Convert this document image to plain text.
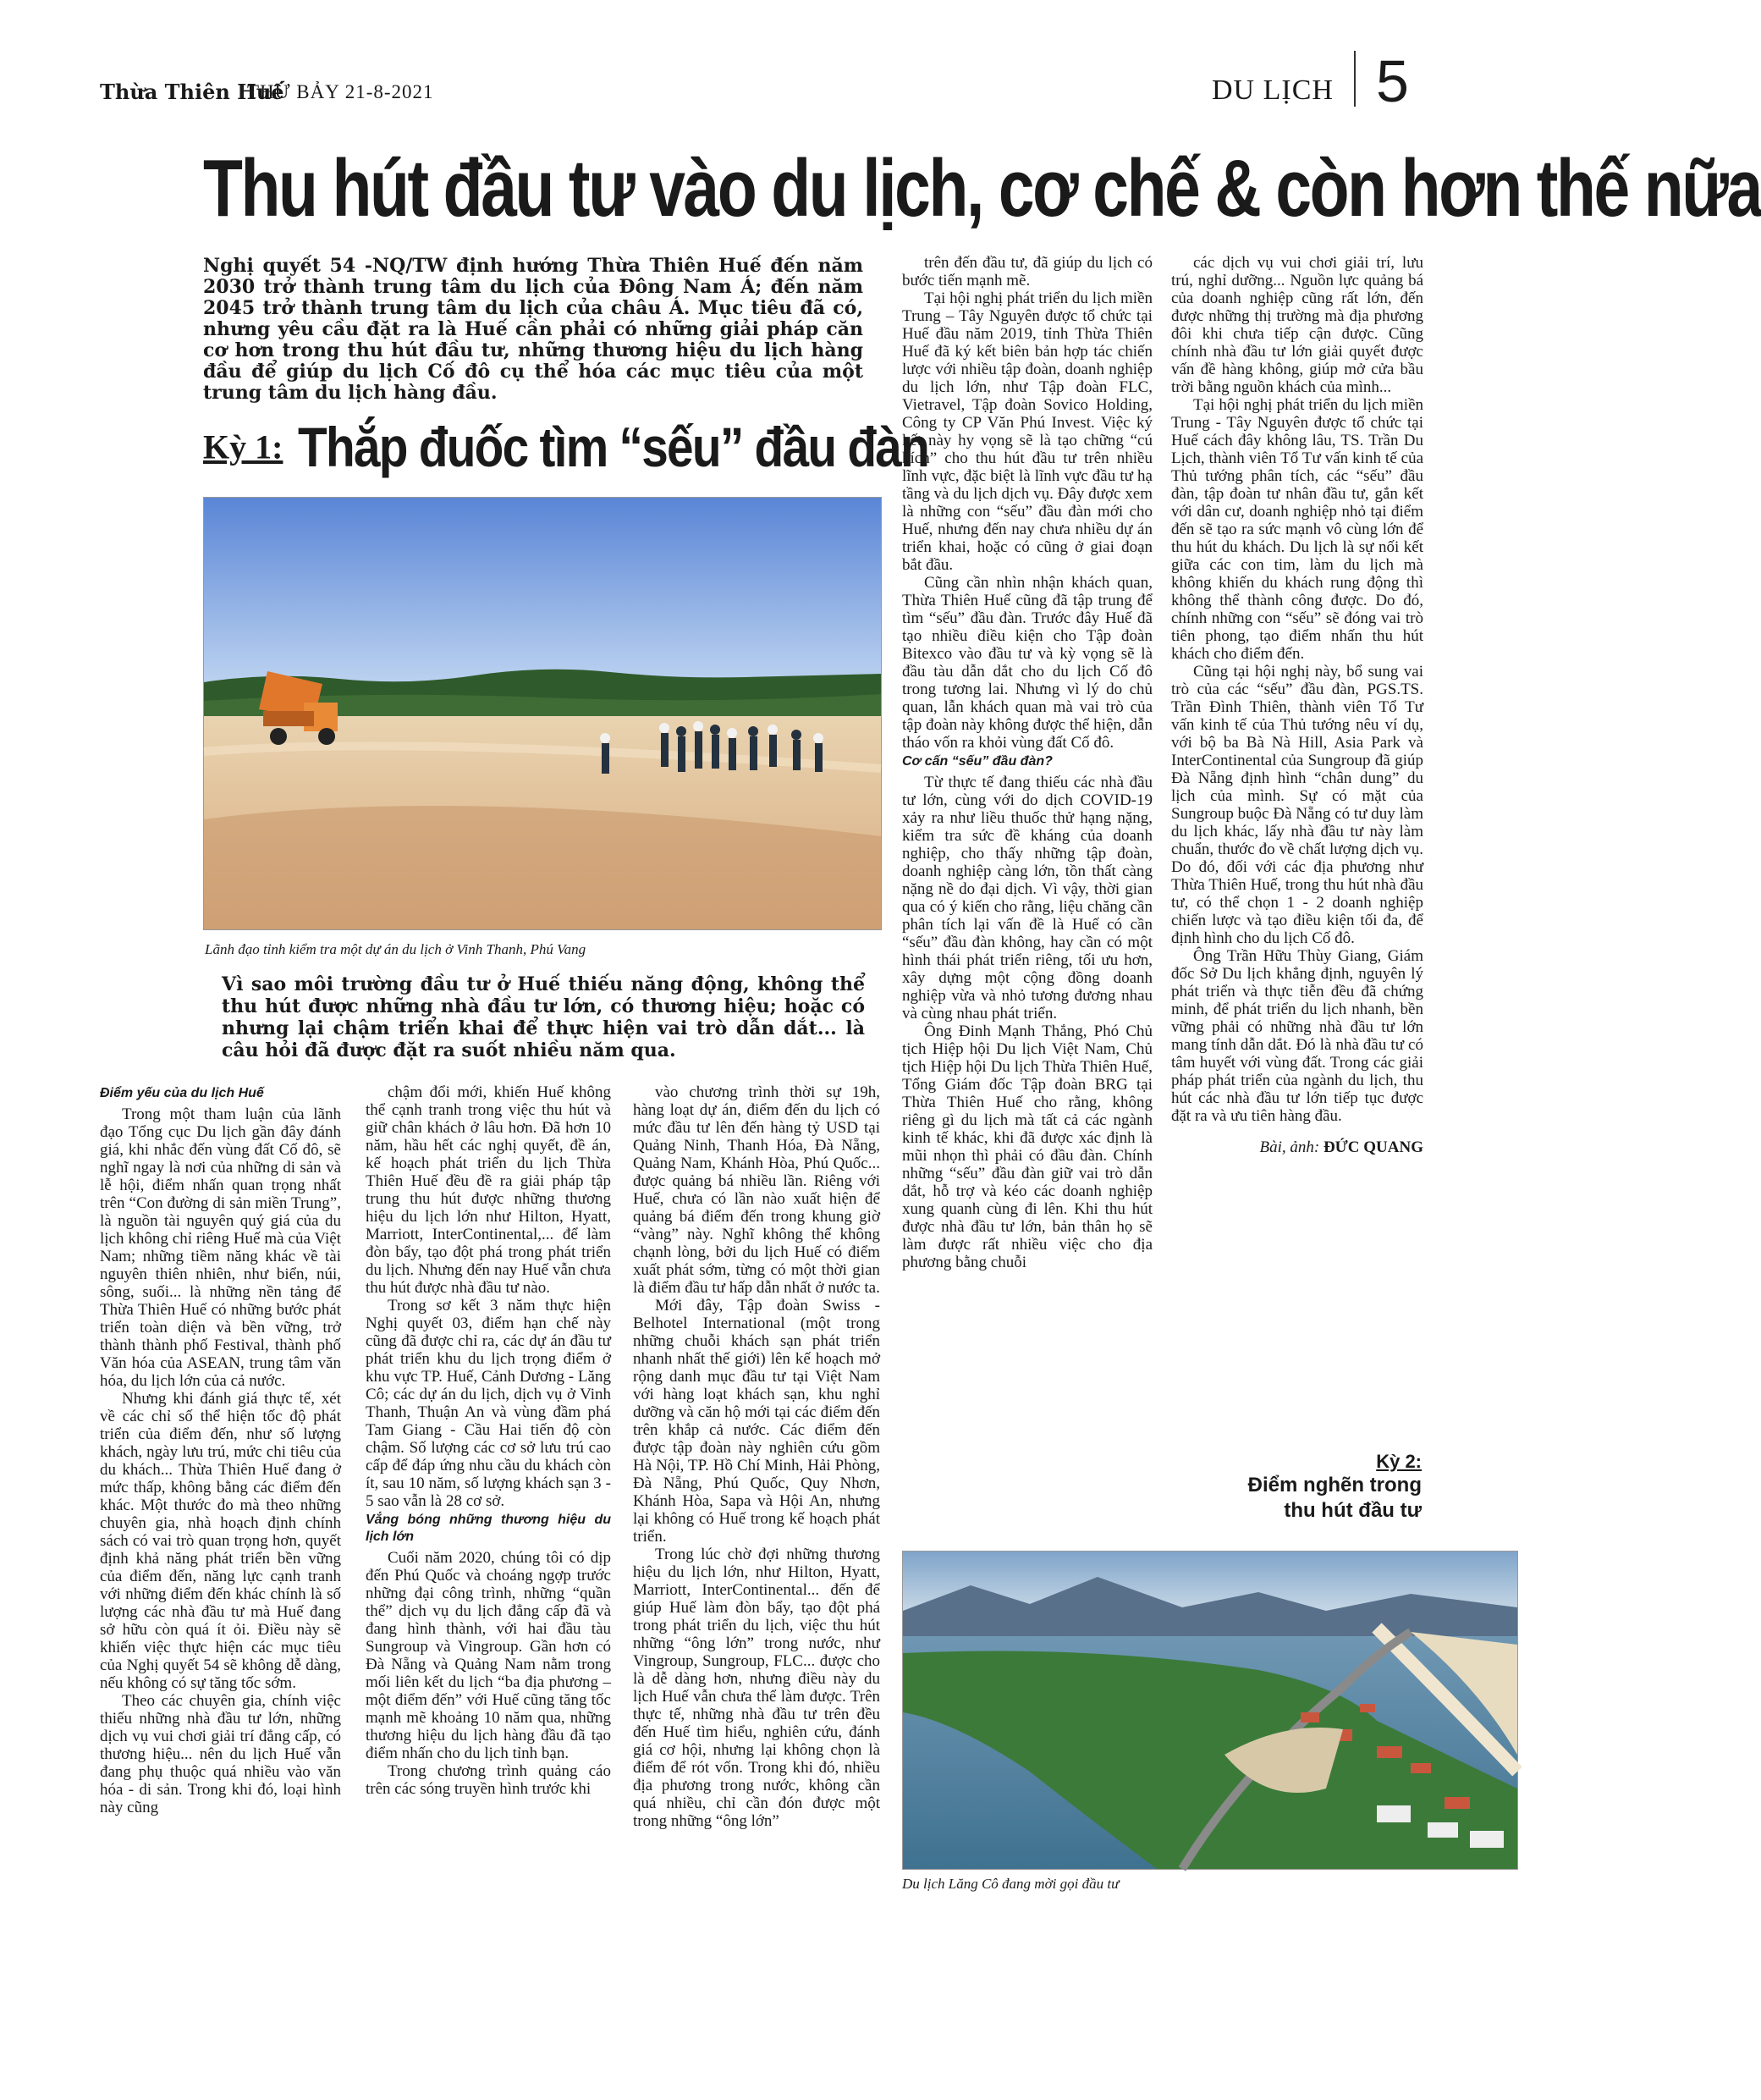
Thừa Thiên Huế
THỨ BẢY 21-8-2021	DU LỊCH 5
Thu hút đầu tư vào du lịch, cơ chế & còn hơn thế nữa
Nghị quyết 54 -NQ/TW định hướng Thừa Thiên Huế đến năm 2030 trở thành trung tâm du lịch của Đông Nam Á; đến năm 2045 trở thành trung tâm du lịch của châu Á. Mục tiêu đã có, nhưng yêu cầu đặt ra là Huế cần phải có những giải pháp căn cơ hơn trong thu hút đầu tư, những thương hiệu du lịch hàng đầu để giúp du lịch Cố đô cụ thể hóa các mục tiêu của một trung tâm du lịch hàng đầu.
Kỳ 1: Thắp đuốc tìm “sếu” đầu đàn
Lãnh đạo tỉnh kiểm tra một dự án du lịch ở Vinh Thanh, Phú Vang
Vì sao môi trường đầu tư ở Huế thiếu năng động, không thể thu hút được những nhà đầu tư lớn, có thương hiệu; hoặc có nhưng lại chậm triển khai để thực hiện vai trò dẫn dắt... là câu hỏi đã được đặt ra suốt nhiều năm qua.
Điểm yếu của du lịch Huế

Trong một tham luận của lãnh đạo Tổng cục Du lịch gần đây đánh giá, khi nhắc đến vùng đất Cố đô, sẽ nghĩ ngay là nơi của những di sản và lễ hội, điểm nhấn quan trọng nhất trên “Con đường di sản miền Trung”, là nguồn tài nguyên quý giá của du lịch không chỉ riêng Huế mà của Việt Nam; những tiềm năng khác về tài nguyên thiên nhiên, như biển, núi, sông, suối... là những nền tảng để Thừa Thiên Huế có những bước phát triển toàn diện và bền vững, trở thành thành phố Festival, thành phố Văn hóa của ASEAN, trung tâm văn hóa, du lịch lớn của cả nước.

Nhưng khi đánh giá thực tế, xét về các chỉ số thể hiện tốc độ phát triển của điểm đến, như số lượng khách, ngày lưu trú, mức chi tiêu của du khách... Thừa Thiên Huế đang ở mức thấp, không bằng các điểm đến khác. Một thước đo mà theo những chuyên gia, nhà hoạch định chính sách có vai trò quan trọng hơn, quyết định khả năng phát triển bền vững của điểm đến, năng lực cạnh tranh với những điểm đến khác chính là số lượng các nhà đầu tư mà Huế đang sở hữu còn quá ít ỏi. Điều này sẽ khiến việc thực hiện các mục tiêu của Nghị quyết 54 sẽ không dễ dàng, nếu không có sự tăng tốc sớm.

Theo các chuyên gia, chính việc thiếu những nhà đầu tư lớn, những dịch vụ vui chơi giải trí đẳng cấp, có thương hiệu... nên du lịch Huế vẫn đang phụ thuộc quá nhiều vào văn hóa - di sản. Trong khi đó, loại hình này cũng

chậm đổi mới, khiến Huế không thể cạnh tranh trong việc thu hút và giữ chân khách ở lâu hơn. Đã hơn 10 năm, hầu hết các nghị quyết, đề án, kế hoạch phát triển du lịch Thừa Thiên Huế đều đề ra giải pháp tập trung thu hút được những thương hiệu du lịch lớn như Hilton, Hyatt, Marriott, InterContinental,... để làm đòn bẩy, tạo đột phá trong phát triển du lịch. Nhưng đến nay Huế vẫn chưa thu hút được nhà đầu tư nào.

Trong sơ kết 3 năm thực hiện Nghị quyết 03, điểm hạn chế này cũng đã được chỉ ra, các dự án đầu tư phát triển khu du lịch trọng điểm ở khu vực TP. Huế, Cảnh Dương - Lăng Cô; các dự án du lịch, dịch vụ ở Vinh Thanh, Thuận An và vùng đầm phá Tam Giang - Cầu Hai tiến độ còn chậm. Số lượng các cơ sở lưu trú cao cấp để đáp ứng nhu cầu du khách còn ít, sau 10 năm, số lượng khách sạn 3 - 5 sao vẫn là 28 cơ sở.

Vắng bóng những thương hiệu du lịch lớn

Cuối năm 2020, chúng tôi có dịp đến Phú Quốc và choáng ngợp trước những đại công trình, những “quần thể” dịch vụ du lịch đẳng cấp đã và đang hình thành, với hai đầu tàu Sungroup và Vingroup. Gần hơn có Đà Nẵng và Quảng Nam nằm trong mối liên kết du lịch “ba địa phương – một điểm đến” với Huế cũng tăng tốc mạnh mẽ khoảng 10 năm qua, những thương hiệu du lịch hàng đầu đã tạo điểm nhấn cho du lịch tỉnh bạn.

Trong chương trình quảng cáo trên các sóng truyền hình trước khi

vào chương trình thời sự 19h, hàng loạt dự án, điểm đến du lịch có mức đầu tư lên đến hàng tỷ USD tại Quảng Ninh, Thanh Hóa, Đà Nẵng, Quảng Nam, Khánh Hòa, Phú Quốc... được quảng bá nhiều lần. Riêng với Huế, chưa có lần nào xuất hiện để quảng bá điểm đến trong khung giờ “vàng” này. Nghĩ không thể không chạnh lòng, bởi du lịch Huế có điểm xuất phát sớm, từng có một thời gian là điểm đầu tư hấp dẫn nhất ở nước ta.

Mới đây, Tập đoàn Swiss -Belhotel International (một trong những chuỗi khách sạn phát triển nhanh nhất thế giới) lên kế hoạch mở rộng danh mục đầu tư tại Việt Nam với hàng loạt khách sạn, khu nghỉ dưỡng và căn hộ mới tại các điểm đến trên khắp cả nước. Các điểm đến được tập đoàn này nghiên cứu gồm Hà Nội, TP. Hồ Chí Minh, Hải Phòng, Đà Nẵng, Phú Quốc, Quy Nhơn, Khánh Hòa, Sapa và Hội An, nhưng lại không có Huế trong kế hoạch phát triển.

Trong lúc chờ đợi những thương hiệu du lịch lớn, như Hilton, Hyatt, Marriott, InterContinental... đến để giúp Huế làm đòn bẩy, tạo đột phá trong phát triển du lịch, việc thu hút những “ông lớn” trong nước, như Vingroup, Sungroup, FLC... được cho là dễ dàng hơn, nhưng điều này du lịch Huế vẫn chưa thể làm được. Trên thực tế, những nhà đầu tư trên đều đến Huế tìm hiểu, nghiên cứu, đánh giá cơ hội, nhưng lại không chọn là điểm để rót vốn. Trong khi đó, nhiều địa phương trong nước, không cần quá nhiều, chỉ cần đón được một trong những “ông lớn”

trên đến đầu tư, đã giúp du lịch có bước tiến mạnh mẽ.

Tại hội nghị phát triển du lịch miền Trung – Tây Nguyên được tổ chức tại Huế đầu năm 2019, tỉnh Thừa Thiên Huế đã ký kết biên bản hợp tác chiến lược với nhiều tập đoàn, doanh nghiệp du lịch lớn, như Tập đoàn FLC, Vietravel, Tập đoàn Sovico Holding, Công ty CP Văn Phú Invest. Việc ký kết này hy vọng sẽ là tạo chững “cú hích” cho thu hút đầu tư trên nhiều lĩnh vực, đặc biệt là lĩnh vực đầu tư hạ tầng và du lịch dịch vụ. Đây được xem là những con “sếu” đầu đàn mới cho Huế, nhưng đến nay chưa nhiều dự án triển khai, hoặc có cũng ở giai đoạn bắt đầu.

Cũng cần nhìn nhận khách quan, Thừa Thiên Huế cũng đã tập trung để tìm “sếu” đầu đàn. Trước đây Huế đã tạo nhiều điều kiện cho Tập đoàn Bitexco vào đầu tư và kỳ vọng sẽ là đầu tàu dẫn dắt cho du lịch Cố đô trong tương lai. Nhưng vì lý do chủ quan, lẫn khách quan mà vai trò của tập đoàn này không được thể hiện, dẫn tháo vốn ra khỏi vùng đất Cố đô.

Cơ cấn “sếu” đầu đàn?

Từ thực tế đang thiếu các nhà đầu tư lớn, cùng với do dịch COVID-19 xảy ra như liều thuốc thử hạng nặng, kiểm tra sức đề kháng của doanh nghiệp, cho thấy những tập đoàn, doanh nghiệp càng lớn, tồn thất càng nặng nề do đại dịch. Vì vậy, thời gian qua có ý kiến cho rằng, liệu chăng cần phân tích lại vấn đề là Huế có cần “sếu” đầu đàn không, hay cần có một hình thái phát triển riêng, tối ưu hơn, xây dựng một cộng đồng doanh nghiệp vừa và nhỏ tương đương nhau và cùng nhau phát triển.

Ông Đinh Mạnh Thắng, Phó Chủ tịch Hiệp hội Du lịch Việt Nam, Chủ tịch Hiệp hội Du lịch Thừa Thiên Huế, Tổng Giám đốc Tập đoàn BRG tại Thừa Thiên Huế cho rằng, không riêng gì du lịch mà tất cả các ngành kinh tế khác, khi đã được xác định là mũi nhọn thì phải có đầu đàn. Chính những “sếu” đầu đàn giữ vai trò dẫn dắt, hỗ trợ và kéo các doanh nghiệp xung quanh cùng đi lên. Khi thu hút được nhà đầu tư lớn, bản thân họ sẽ làm được rất nhiều việc cho địa phương bằng chuỗi

các dịch vụ vui chơi giải trí, lưu trú, nghỉ dưỡng... Nguồn lực quảng bá của doanh nghiệp cũng rất lớn, đến được những thị trường mà địa phương đôi khi chưa tiếp cận được. Cũng chính nhà đầu tư lớn giải quyết được vấn đề hàng không, giúp mở cửa bầu trời bằng nguồn khách của mình...

Tại hội nghị phát triển du lịch miền Trung - Tây Nguyên được tổ chức tại Huế cách đây không lâu, TS. Trần Du Lịch, thành viên Tổ Tư vấn kinh tế của Thủ tướng phân tích, các “sếu” đầu đàn, tập đoàn tư nhân đầu tư, gắn kết với dân cư, doanh nghiệp nhỏ tại điểm đến sẽ tạo ra sức mạnh vô cùng lớn để thu hút du khách. Du lịch là sự nối kết giữa các con tim, làm du lịch mà không khiến du khách rung động thì không thể thành công được. Do đó, chính những con “sếu” sẽ đóng vai trò tiên phong, tạo điểm nhấn thu hút khách cho điểm đến.

Cũng tại hội nghị này, bổ sung vai trò của các “sếu” đầu đàn, PGS.TS. Trần Đình Thiên, thành viên Tổ Tư vấn kinh tế của Thủ tướng nêu ví dụ, với bộ ba Bà Nà Hill, Asia Park và InterContinental của Sungroup đã giúp Đà Nẵng định hình “chân dung” du lịch của mình. Sự có mặt của Sungroup buộc Đà Nẵng có tư duy làm du lịch khác, lấy nhà đầu tư này làm chuẩn, thước đo về chất lượng dịch vụ. Do đó, đối với các địa phương như Thừa Thiên Huế, trong thu hút nhà đầu tư, có thể chọn 1 - 2 doanh nghiệp chiến lược và tạo điều kiện tối đa, để định hình cho du lịch Cố đô.

Ông Trần Hữu Thùy Giang, Giám đốc Sở Du lịch khẳng định, nguyên lý phát triển và thực tiễn đều đã chứng minh, để phát triển du lịch nhanh, bền vững phải có những nhà đầu tư lớn mang tính dẫn dắt. Đó là nhà đầu tư có tâm huyết với vùng đất. Trong các giải pháp phát triển của ngành du lịch, thu hút các nhà đầu tư lớn tiếp tục được đặt ra và ưu tiên hàng đầu.

Bài, ảnh: ĐỨC QUANG

Kỳ 2:
Điểm nghẽn trong thu hút đầu tư
Du lịch Lăng Cô đang mời gọi đầu tư
